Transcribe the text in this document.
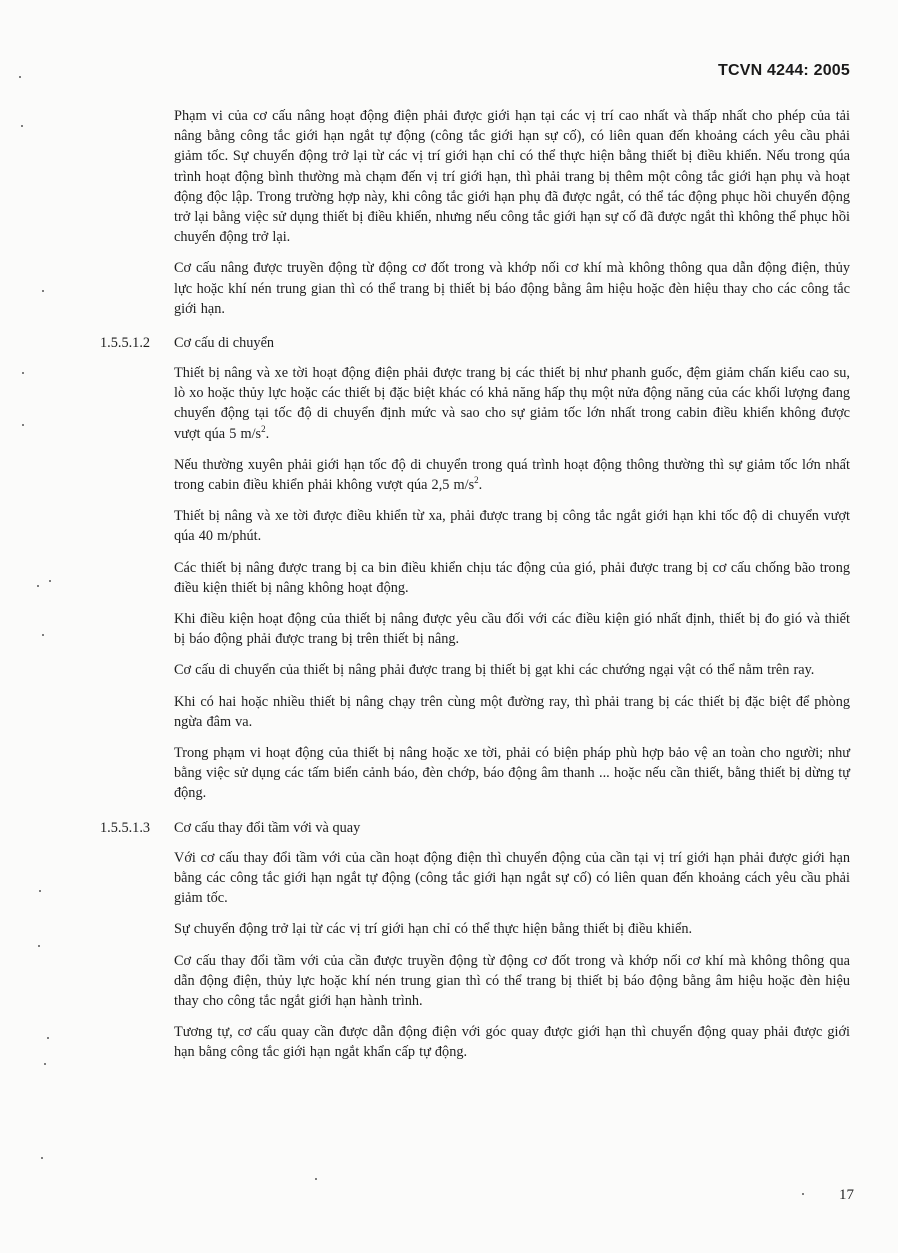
TCVN 4244: 2005

Phạm vi của cơ cấu nâng hoạt động điện phải được giới hạn tại các vị trí cao nhất và thấp nhất cho phép của tải nâng bằng công tắc giới hạn ngắt tự động (công tắc giới hạn sự cố), có liên quan đến khoảng cách yêu cầu phải giảm tốc. Sự chuyển động trở lại từ các vị trí giới hạn chỉ có thể thực hiện bằng thiết bị điều khiển. Nếu trong qúa trình hoạt động bình thường mà chạm đến vị trí giới hạn, thì phải trang bị thêm một công tắc giới hạn phụ và hoạt động độc lập. Trong trường hợp này, khi công tắc giới hạn phụ đã được ngắt, có thể tác động phục hồi chuyển động trở lại bằng việc sử dụng thiết bị điều khiển, nhưng nếu công tắc giới hạn sự cố đã được ngắt thì không thể phục hồi chuyển động trở lại.

Cơ cấu nâng được truyền động từ động cơ đốt trong và khớp nối cơ khí mà không thông qua dẫn động điện, thủy lực hoặc khí nén trung gian thì có thể trang bị thiết bị báo động bằng âm hiệu hoặc đèn hiệu thay cho các công tắc giới hạn.

1.5.5.1.2 Cơ cấu di chuyển

Thiết bị nâng và xe tời hoạt động điện phải được trang bị các thiết bị như phanh guốc, đệm giảm chấn kiểu cao su, lò xo hoặc thủy lực hoặc các thiết bị đặc biệt khác có khả năng hấp thụ một nửa động năng của các khối lượng đang chuyển động tại tốc độ di chuyển định mức và sao cho sự giảm tốc lớn nhất trong cabin điều khiển không được vượt qúa 5 $m/s^2$.

Nếu thường xuyên phải giới hạn tốc độ di chuyển trong quá trình hoạt động thông thường thì sự giảm tốc lớn nhất trong cabin điều khiển phải không vượt qúa 2,5 $m/s^2$.

Thiết bị nâng và xe tời được điều khiển từ xa, phải được trang bị công tắc ngắt giới hạn khi tốc độ di chuyển vượt qúa 40 m/phút.

Các thiết bị nâng được trang bị ca bin điều khiển chịu tác động của gió, phải được trang bị cơ cấu chống bão trong điều kiện thiết bị nâng không hoạt động.

Khi điều kiện hoạt động của thiết bị nâng được yêu cầu đối với các điều kiện gió nhất định, thiết bị đo gió và thiết bị báo động phải được trang bị trên thiết bị nâng.

Cơ cấu di chuyển của thiết bị nâng phải được trang bị thiết bị gạt khi các chướng ngại vật có thể nằm trên ray.

Khi có hai hoặc nhiều thiết bị nâng chạy trên cùng một đường ray, thì phải trang bị các thiết bị đặc biệt để phòng ngừa đâm va.

Trong phạm vi hoạt động của thiết bị nâng hoặc xe tời, phải có biện pháp phù hợp bảo vệ an toàn cho người; như bằng việc sử dụng các tấm biển cảnh báo, đèn chớp, báo động âm thanh ... hoặc nếu cần thiết, bằng thiết bị dừng tự động.

1.5.5.1.3 Cơ cấu thay đổi tầm với và quay

Với cơ cấu thay đổi tầm với của cần hoạt động điện thì chuyển động của cần tại vị trí giới hạn phải được giới hạn bằng các công tắc giới hạn ngắt tự động (công tắc giới hạn ngắt sự cố) có liên quan đến khoảng cách yêu cầu phải giảm tốc.

Sự chuyển động trở lại từ các vị trí giới hạn chỉ có thể thực hiện bằng thiết bị điều khiển.

Cơ cấu thay đổi tầm với của cần được truyền động từ động cơ đốt trong và khớp nối cơ khí mà không thông qua dẫn động điện, thủy lực hoặc khí nén trung gian thì có thể trang bị thiết bị báo động bằng âm hiệu hoặc đèn hiệu thay cho công tắc ngắt giới hạn hành trình.

Tương tự, cơ cấu quay cần được dẫn động điện với góc quay được giới hạn thì chuyển động quay phải được giới hạn bằng công tắc giới hạn ngắt khẩn cấp tự động.

17
